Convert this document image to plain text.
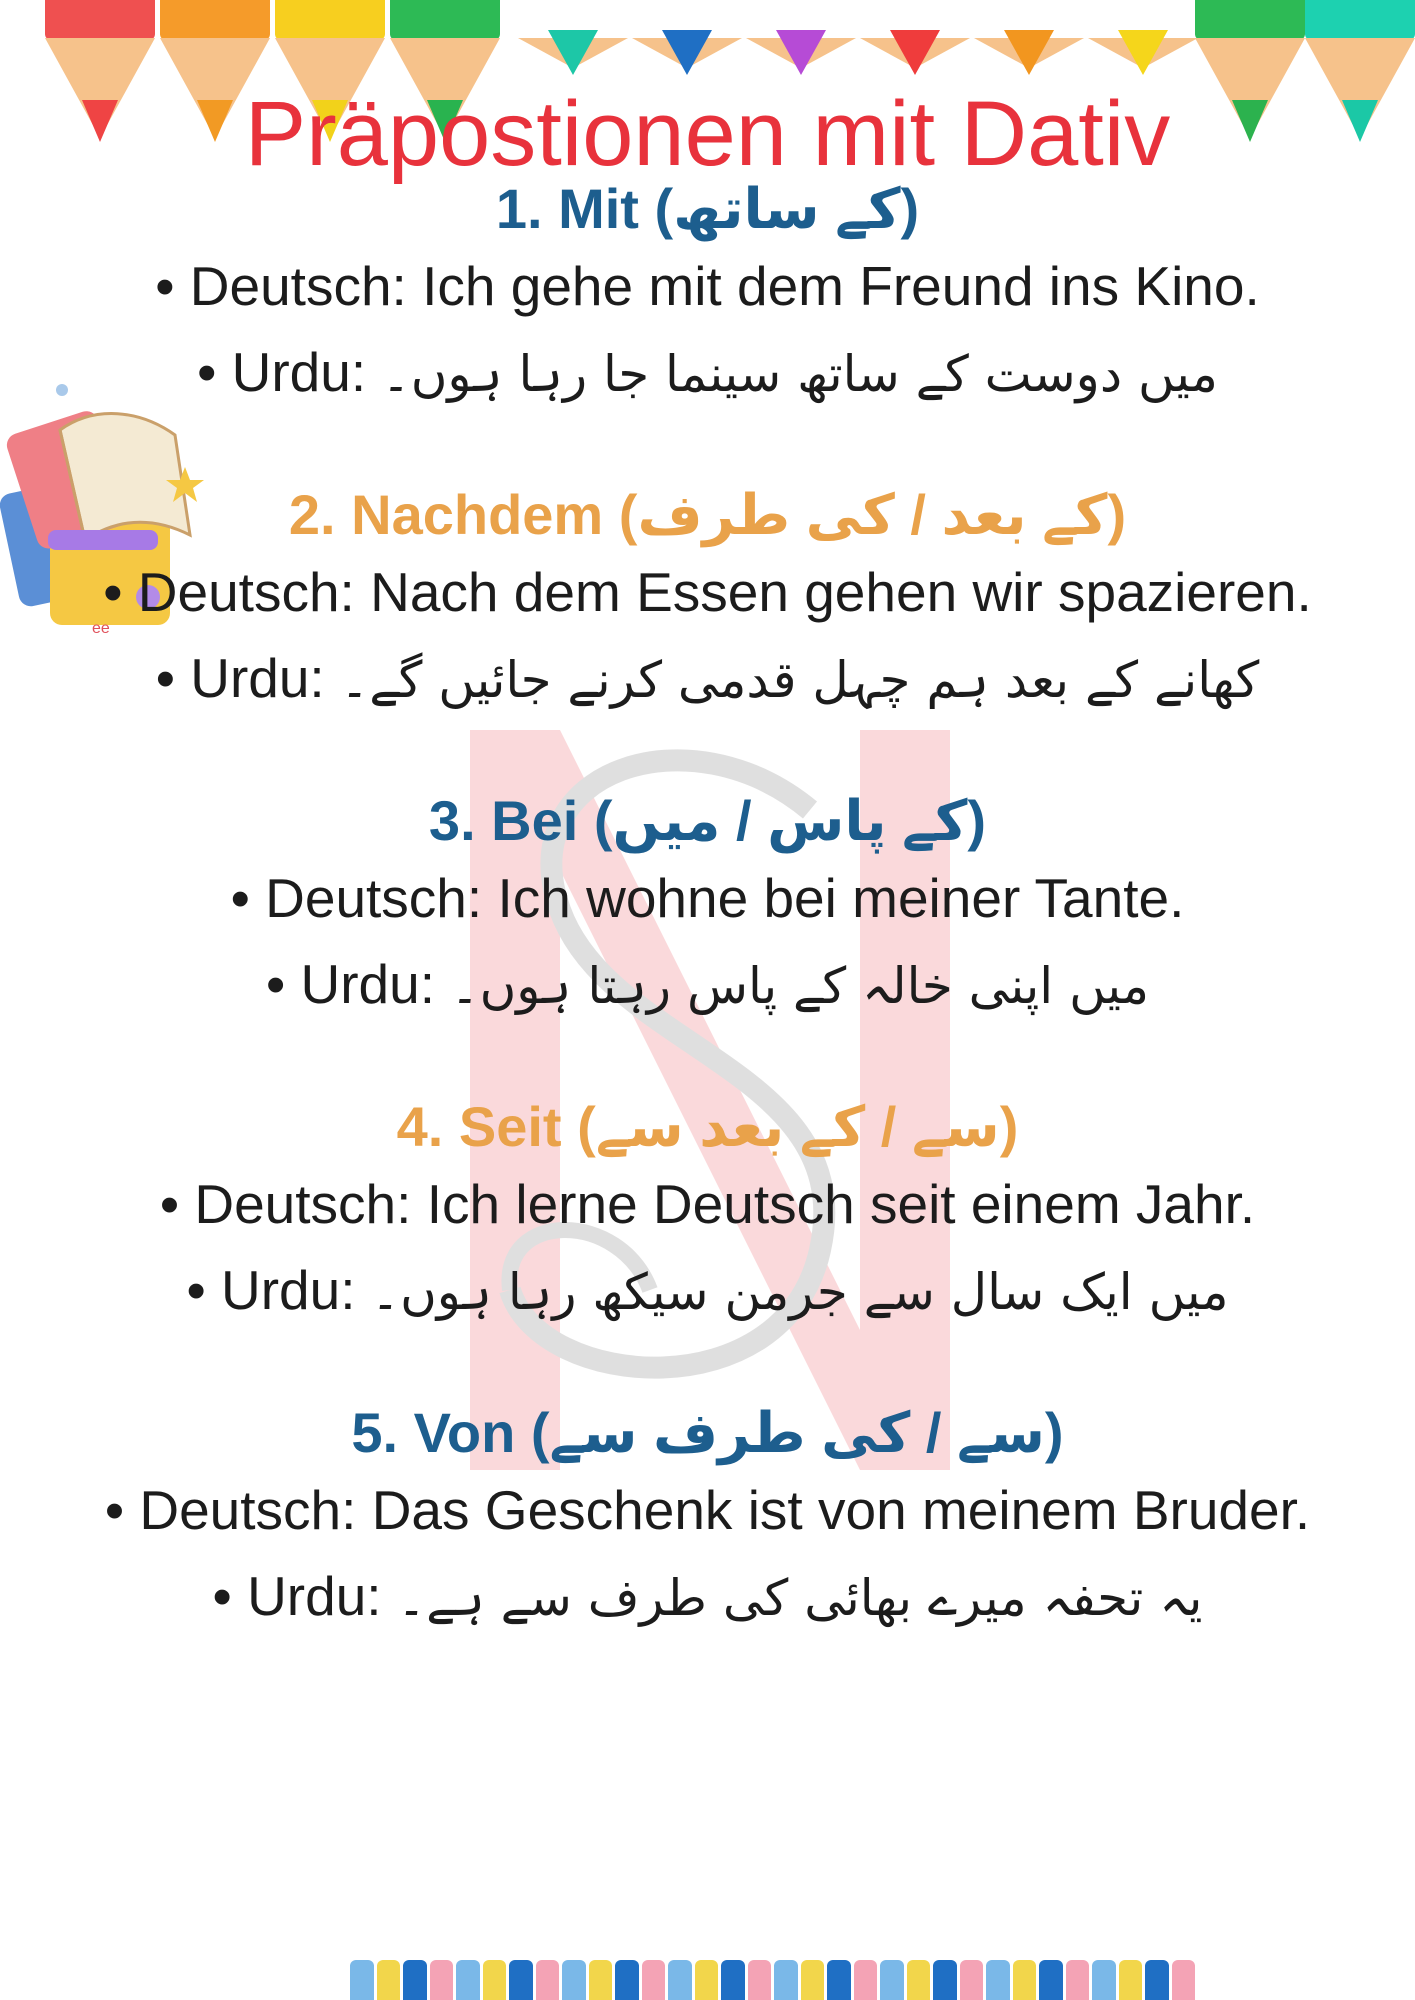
ee
Präpostionen mit Dativ

1. Mit (کے ساتھ)

• Deutsch: Ich gehe mit dem Freund ins Kino.

• Urdu: میں دوست کے ساتھ سینما جا رہا ہوں۔

2. Nachdem (کے بعد / کی طرف)

• Deutsch: Nach dem Essen gehen wir spazieren.

• Urdu: کھانے کے بعد ہم چہل قدمی کرنے جائیں گے۔

3. Bei (کے پاس / میں)

• Deutsch: Ich wohne bei meiner Tante.

• Urdu: میں اپنی خالہ کے پاس رہتا ہوں۔

4. Seit (سے / کے بعد سے)

• Deutsch: Ich lerne Deutsch seit einem Jahr.

• Urdu: میں ایک سال سے جرمن سیکھ رہا ہوں۔

5. Von (سے / کی طرف سے)

• Deutsch: Das Geschenk ist von meinem Bruder.

• Urdu: یہ تحفہ میرے بھائی کی طرف سے ہے۔
